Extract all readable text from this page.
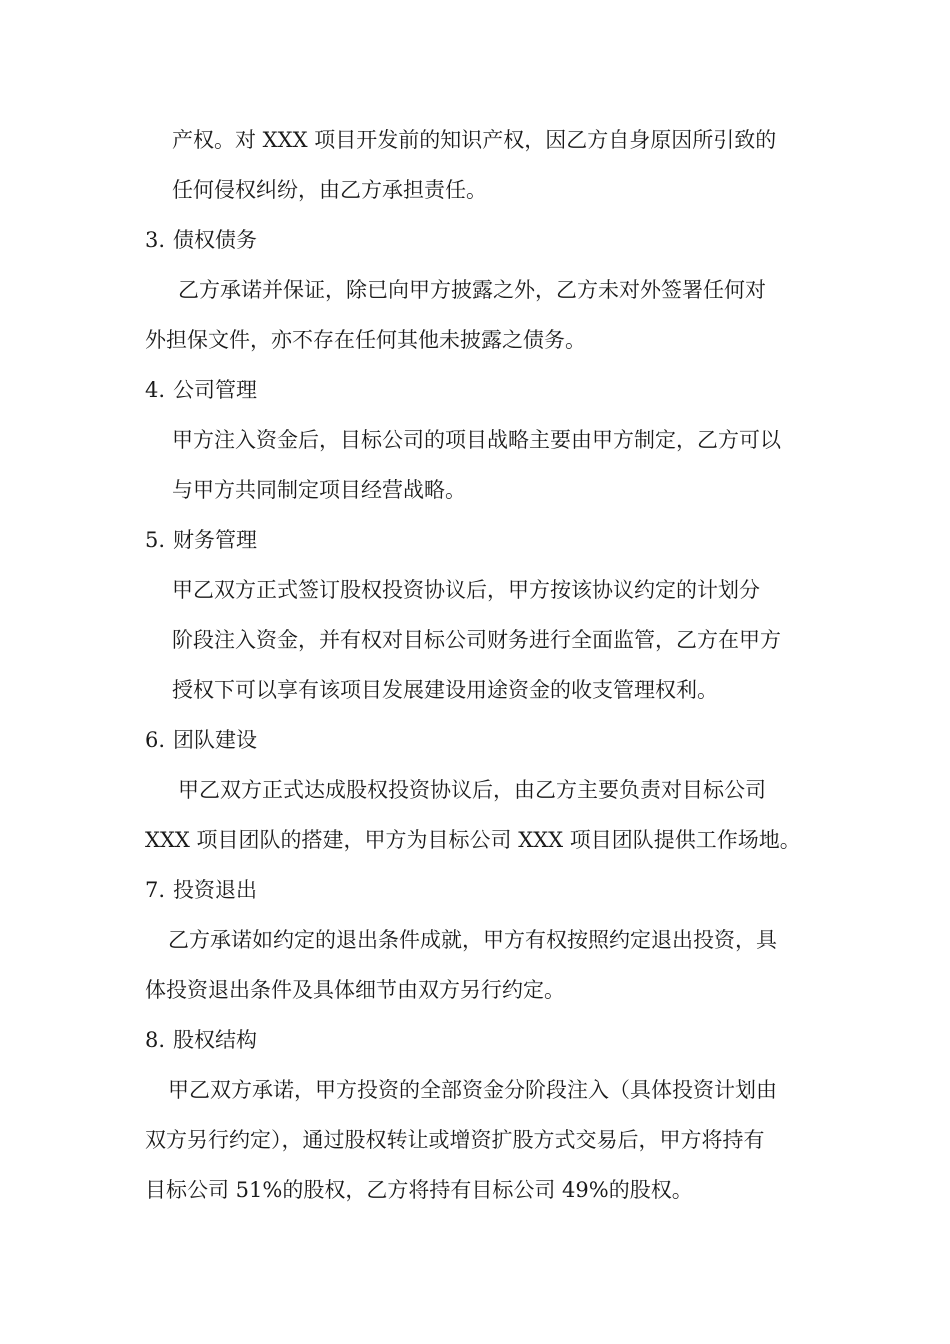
产权。对 XXX 项目开发前的知识产权，因乙方自身原因所引致的
任何侵权纠纷，由乙方承担责任。
3. 债权债务
乙方承诺并保证，除已向甲方披露之外，乙方未对外签署任何对
外担保文件，亦不存在任何其他未披露之债务。
4. 公司管理
甲方注入资金后，目标公司的项目战略主要由甲方制定，乙方可以
与甲方共同制定项目经营战略。
5. 财务管理
甲乙双方正式签订股权投资协议后，甲方按该协议约定的计划分
阶段注入资金，并有权对目标公司财务进行全面监管，乙方在甲方
授权下可以享有该项目发展建设用途资金的收支管理权利。
6. 团队建设
甲乙双方正式达成股权投资协议后，由乙方主要负责对目标公司
XXX 项目团队的搭建，甲方为目标公司 XXX 项目团队提供工作场地。
7. 投资退出
乙方承诺如约定的退出条件成就，甲方有权按照约定退出投资，具
体投资退出条件及具体细节由双方另行约定。
8. 股权结构
甲乙双方承诺，甲方投资的全部资金分阶段注入（具体投资计划由
双方另行约定），通过股权转让或增资扩股方式交易后，甲方将持有
目标公司 51%的股权，乙方将持有目标公司 49%的股权。
